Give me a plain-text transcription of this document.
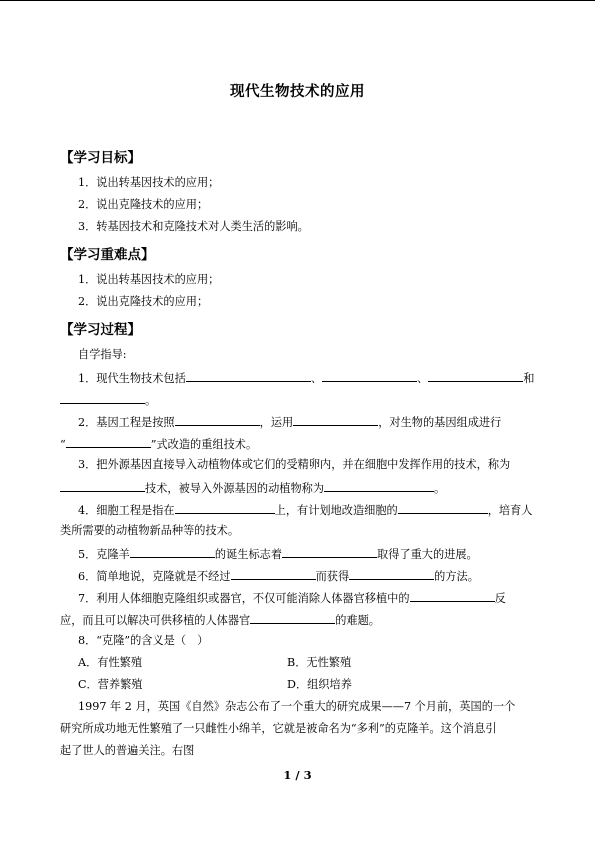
现代生物技术的应用
【学习目标】
1．说出转基因技术的应用；
2．说出克隆技术的应用；
3．转基因技术和克隆技术对人类生活的影响。
【学习重难点】
1．说出转基因技术的应用；
2．说出克隆技术的应用；
【学习过程】
自学指导:
1．现代生物技术包括	、	、	和
。
2．基因工程是按照	，运用	，对生物的基因组成进行
“	”式改造的重组技术。
3．把外源基因直接导入动植物体或它们的受精卵内，并在细胞中发挥作用的技术，称为
技术，被导入外源基因的动植物称为	。
4．细胞工程是指在	上，有计划地改造细胞的	，培育人
类所需要的动植物新品种等的技术。
5．克隆羊	的诞生标志着	取得了重大的进展。
6．简单地说，克隆就是不经过	而获得	的方法。
7．利用人体细胞克隆组织或器官，不仅可能消除人体器官移植中的	反
应，而且可以解决可供移植的人体器官	的难题。
8．“克隆”的含义是（　）
A．有性繁殖	B．无性繁殖
C．营养繁殖	D．组织培养
1997 年 2 月，英国《自然》杂志公布了一个重大的研究成果——7 个月前，英国的一个
研究所成功地无性繁殖了一只雌性小绵羊，它就是被命名为“多利”的克隆羊。这个消息引
起了世人的普遍关注。右图
1 / 3
